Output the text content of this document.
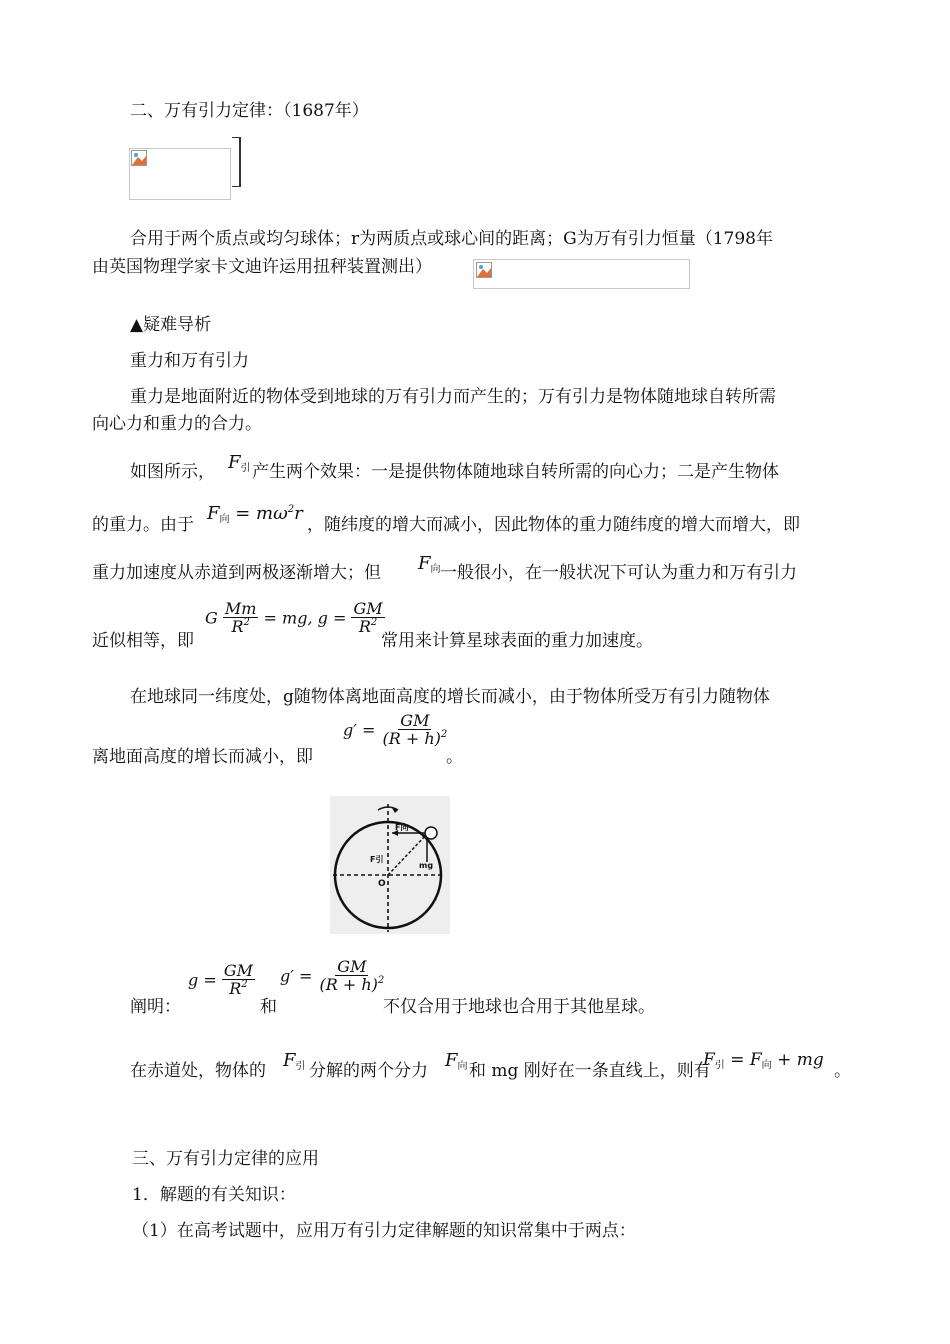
二、万有引力定律：（1687年）
合用于两个质点或均匀球体；r为两质点或球心间的距离；G为万有引力恒量（1798年
由英国物理学家卡文迪许运用扭秤装置测出）
▲疑难导析
重力和万有引力
重力是地面附近的物体受到地球的万有引力而产生的；万有引力是物体随地球自转所需
向心力和重力的合力。
如图所示， F引 产生两个效果：一是提供物体随地球自转所需的向心力；二是产生物体
的重力。由于
F向 = $m\omega^2r$
，随纬度的增大而减小，因此物体的重力随纬度的增大而增大，即
重力加速度从赤道到两极逐渐增大；但 F向 一般很小，在一般状况下可认为重力和万有引力
近似相等，即
G $\frac{Mm}{R^2}$ = mg, $g = \frac{GM}{R^2}$
常用来计算星球表面的重力加速度。
在地球同一纬度处，g随物体离地面高度的增长而减小，由于物体所受万有引力随物体
离地面高度的增长而减小，即
$g' = \frac{GM}{(R + h)^2}$
。
F向
F引
mg
O
阐明：
$g = \frac{GM}{R^2}$
和
$g' = \frac{GM}{(R + h)^2}$
不仅合用于地球也合用于其他星球。
在赤道处，物体的 F引 分解的两个分力 F向 和 mg 刚好在一条直线上，则有
F引 = F向 + mg
。
三、万有引力定律的应用
1．解题的有关知识：
（1）在高考试题中，应用万有引力定律解题的知识常集中于两点：
